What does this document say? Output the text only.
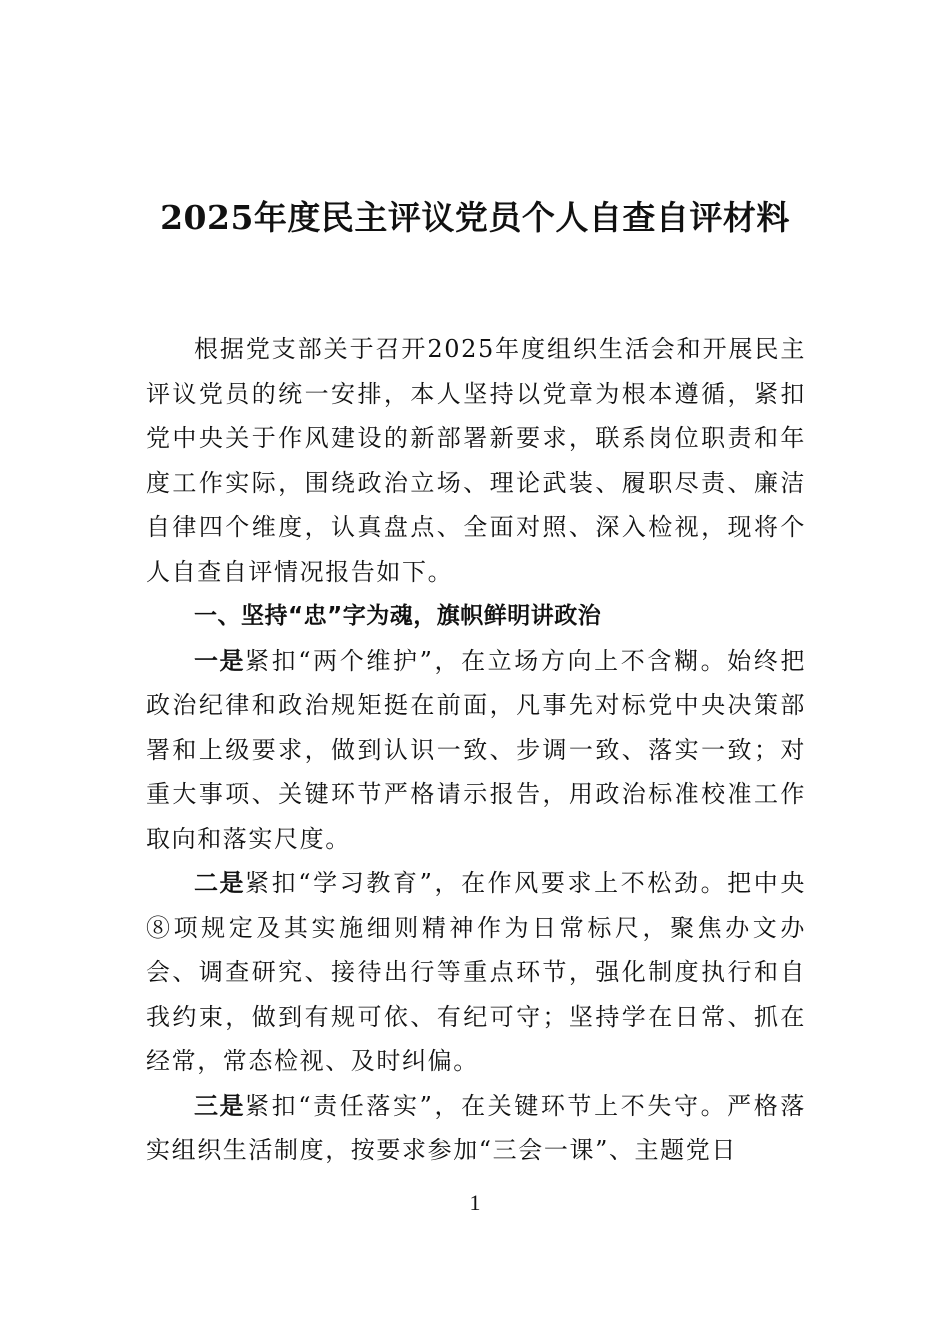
2025年度民主评议党员个人自查自评材料

根据党支部关于召开2025年度组织生活会和开展民主评议党员的统一安排，本人坚持以党章为根本遵循，紧扣党中央关于作风建设的新部署新要求，联系岗位职责和年度工作实际，围绕政治立场、理论武装、履职尽责、廉洁自律四个维度，认真盘点、全面对照、深入检视，现将个人自查自评情况报告如下。

一、坚持“忠”字为魂，旗帜鲜明讲政治

一是紧扣“两个维护”，在立场方向上不含糊。始终把政治纪律和政治规矩挺在前面，凡事先对标党中央决策部署和上级要求，做到认识一致、步调一致、落实一致；对重大事项、关键环节严格请示报告，用政治标准校准工作取向和落实尺度。

二是紧扣“学习教育”，在作风要求上不松劲。把中央⑧项规定及其实施细则精神作为日常标尺，聚焦办文办会、调查研究、接待出行等重点环节，强化制度执行和自我约束，做到有规可依、有纪可守；坚持学在日常、抓在经常，常态检视、及时纠偏。

三是紧扣“责任落实”，在关键环节上不失守。严格落实组织生活制度，按要求参加“三会一课”、主题党日

1
